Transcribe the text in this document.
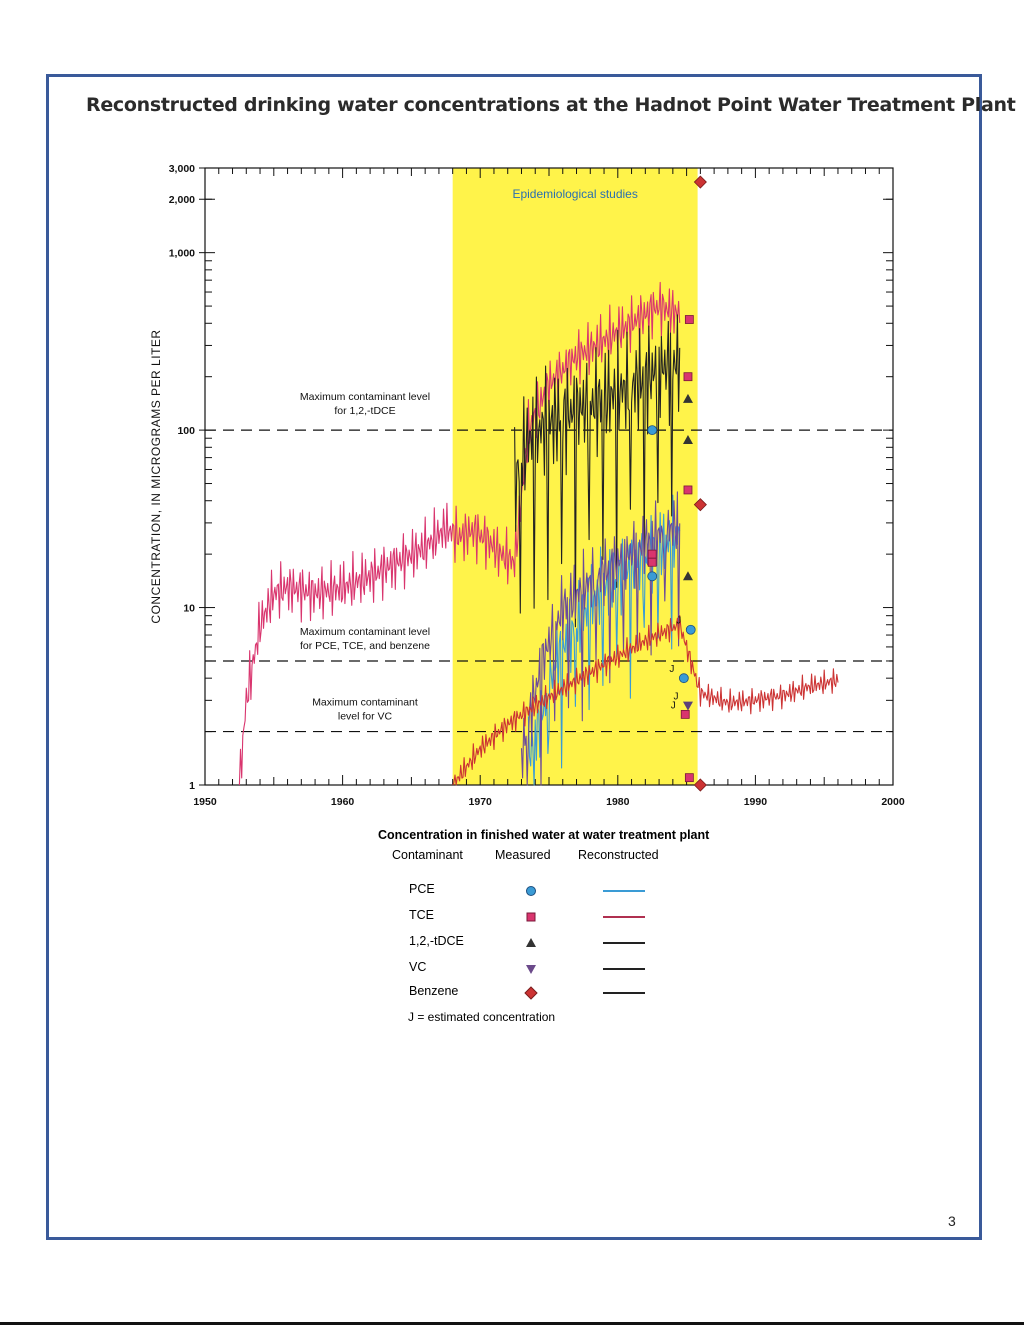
Reconstructed drinking water concentrations at the Hadnot Point Water Treatment Plant
Epidemiological studies
1950	1960	1970	1980	1990	2000
1
10
100
1,000
2,000
3,000
CONCENTRATION, IN MICROGRAMS PER LITER	Maximum contaminant level
for 1,2,-tDCE
Maximum contaminant level
for PCE, TCE, and benzene
Maximum contaminant
level for VC
J
J
J
J
Concentration in finished water at water treatment plant
Contaminant	Measured Reconstructed
PCE
TCE
1,2,-tDCE
VC
Benzene
J = estimated concentration
3
